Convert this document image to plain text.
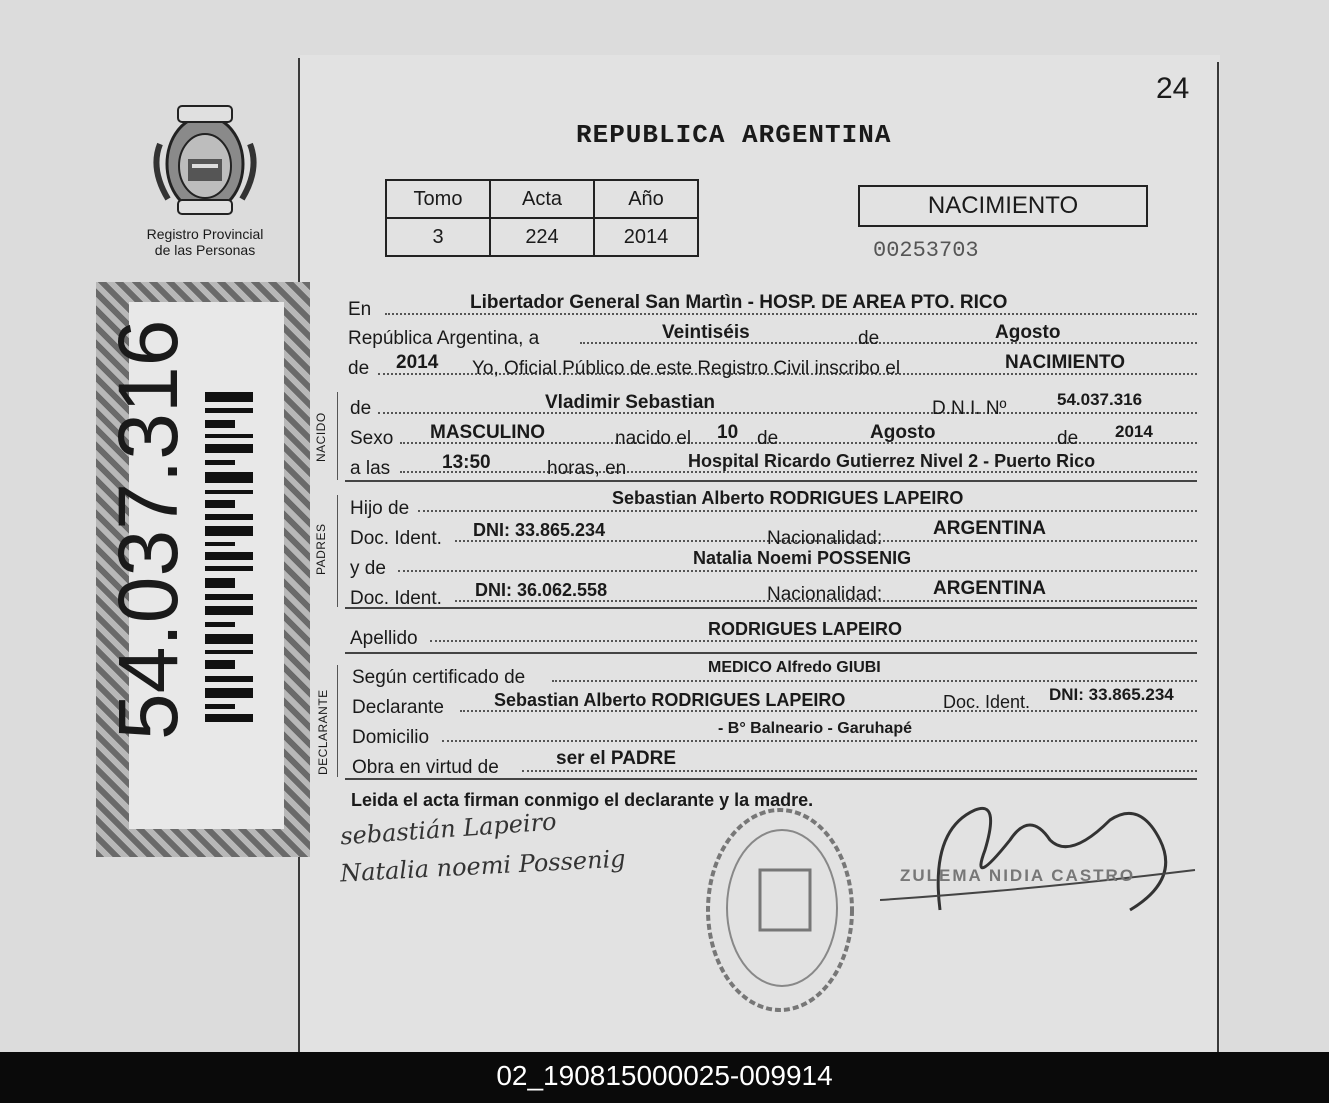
24
Registro Provincial
de las Personas
54.037.316
REPUBLICA ARGENTINA
Tomo	Acta	Año
3	224	2014
NACIMIENTO
00253703
NACIDO
PADRES
DECLARANTE
En	Libertador General San Martìn - HOSP. DE AREA PTO. RICO
República Argentina, a	Veintiséis	de	Agosto
de 2014 Yo, Oficial Público de este Registro Civil inscribo el	NACIMIENTO
de	Vladimir Sebastian	D.N.I. Nº	54.037.316
Sexo MASCULINO	nacido el 10 de	Agosto	de 2014
a las	13:50	horas, en	Hospital Ricardo Gutierrez Nivel 2 - Puerto Rico
Hijo de	Sebastian Alberto RODRIGUES LAPEIRO
Doc. Ident. DNI: 33.865.234	Nacionalidad:	ARGENTINA
y de	Natalia Noemi POSSENIG
Doc. Ident. DNI: 36.062.558	Nacionalidad:	ARGENTINA
Apellido	RODRIGUES LAPEIRO
Según certificado de	MEDICO Alfredo GIUBI
Declarante	Sebastian Alberto RODRIGUES LAPEIRO	Doc. Ident. DNI: 33.865.234
Domicilio	- B° Balneario - Garuhapé
Obra en virtud de	ser el PADRE
Leida el acta firman conmigo el declarante y la madre.
sebastián Lapeiro
Natalia noemi Possenig	ZULEMA NIDIA CASTRO
02_190815000025-009914
